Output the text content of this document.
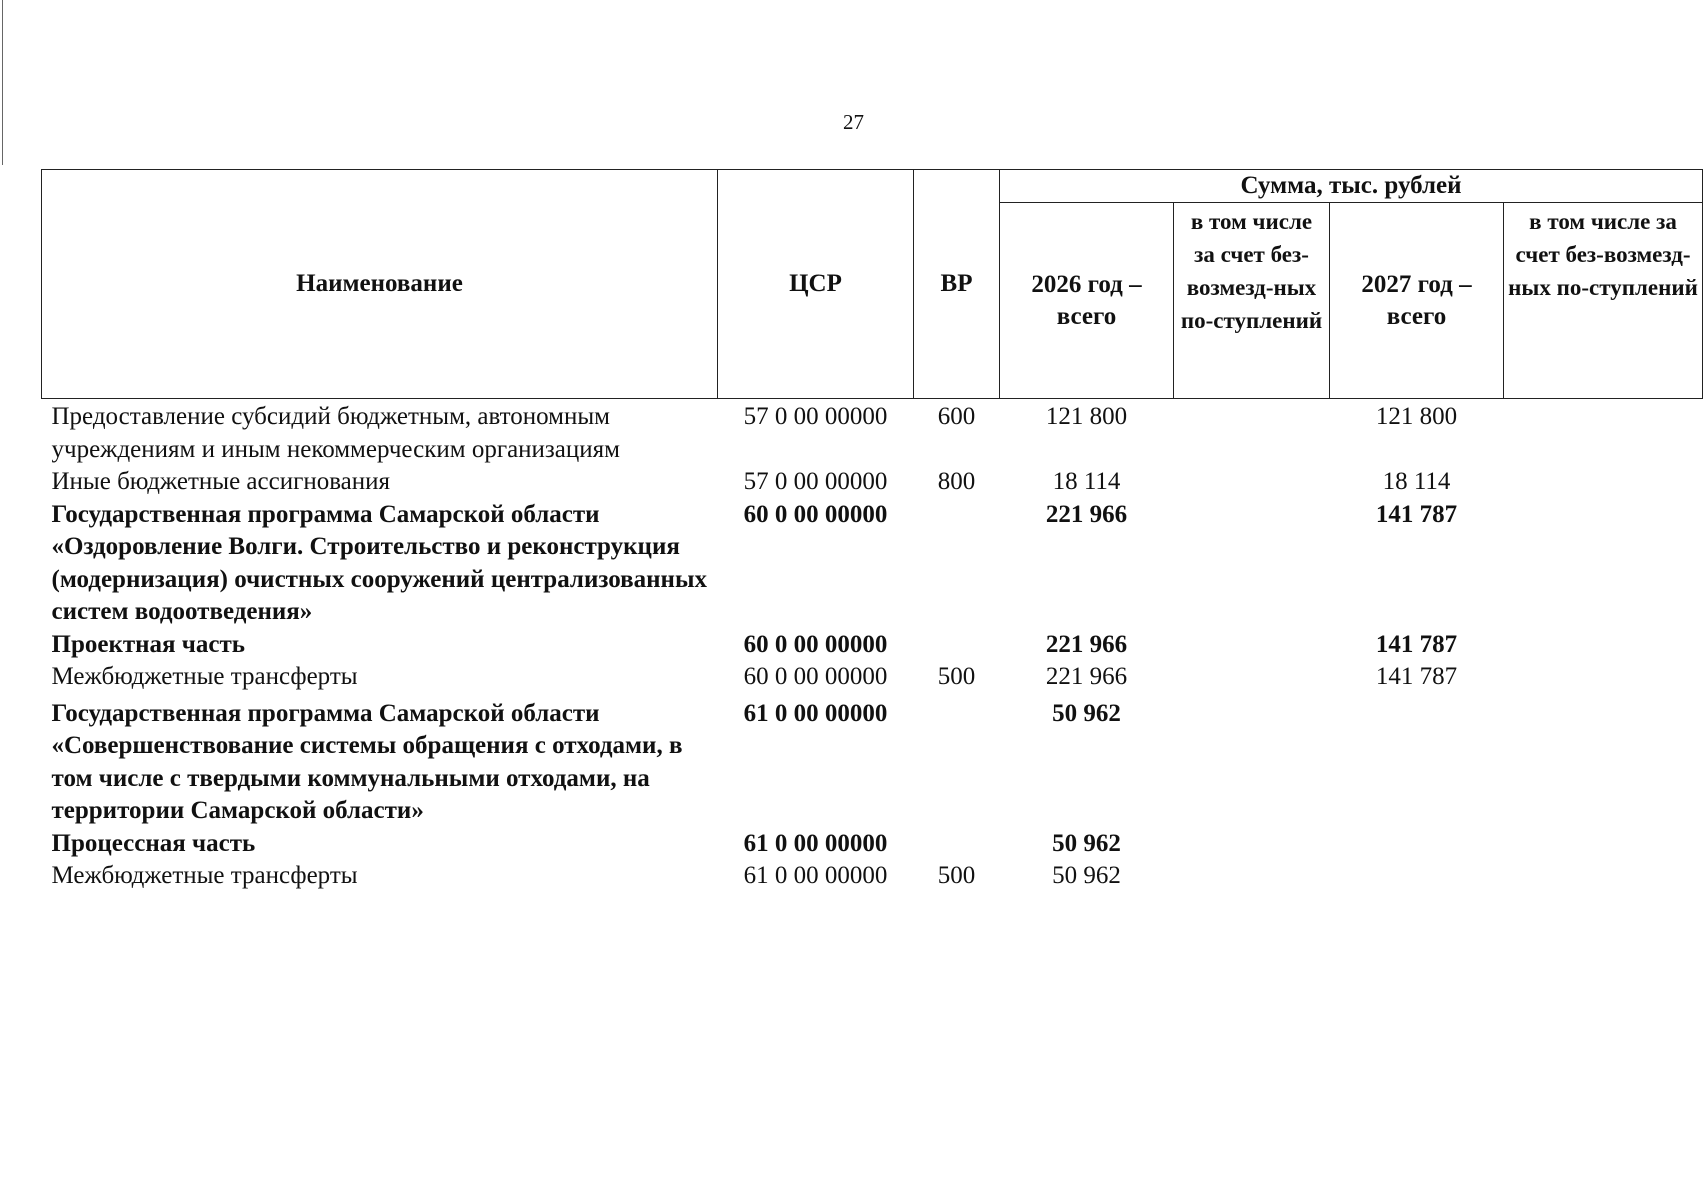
27
Наименование	ЦСР	ВР	Сумма, тыс. рублей			
			2026 год – всего	в том числе за счет без-возмезд-ных по-ступлений	2027 год – всего	в том числе за счет без-возмезд-ных по-ступлений
Предоставление субсидий бюджетным, автономным учреждениям и иным некоммерческим организациям	57 0 00 00000	600	121 800		121 800	
Иные бюджетные ассигнования	57 0 00 00000	800	18 114		18 114	
Государственная программа Самарской области «Оздоровление Волги. Строительство и реконструкция (модернизация) очистных сооружений централизованных систем водоотведения»	60 0 00 00000		221 966		141 787	
Проектная часть	60 0 00 00000		221 966		141 787	
Межбюджетные трансферты	60 0 00 00000	500	221 966		141 787	
Государственная программа Самарской области «Совершенствование системы обращения с отходами, в том числе с твердыми коммунальными отходами, на территории Самарской области»	61 0 00 00000		50 962			
Процессная часть	61 0 00 00000		50 962			
Межбюджетные трансферты	61 0 00 00000	500	50 962			
